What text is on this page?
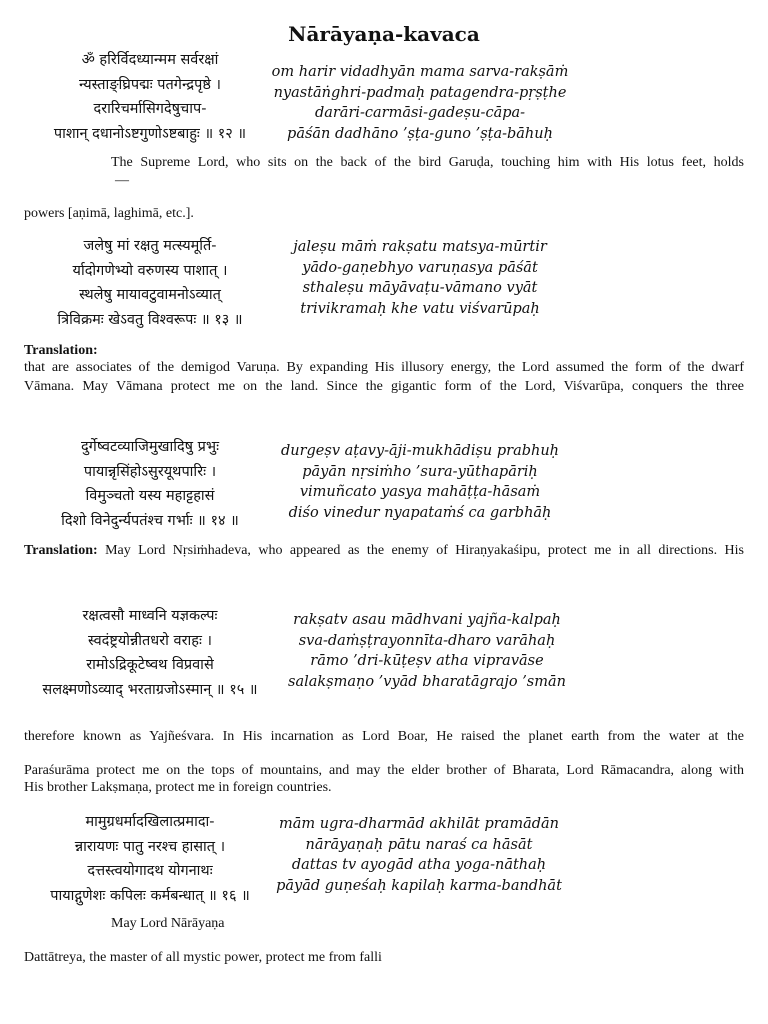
Nārāyaṇa-kavaca
ॐ हरिर्विदध्यान्मम सर्वरक्षां
न्यस्ताङ्घ्रिपद्मः पतगेन्द्रपृष्ठे ।
दरारिचर्मासिगदेषुचाप-
पाशान् दधानोऽष्टगुणोऽष्टबाहुः ॥ १२ ॥
om harir vidadhyān mama sarva-rakṣāṁ
nyastāṅghri-padmaḥ patagendra-pṛṣṭhe
darāri-carmāsi-gadeṣu-cāpa-
pāśān dadhāno ’ṣṭa-guno ’ṣṭa-bāhuḥ
The Supreme Lord, who sits on the back of the bird Garuḍa, touching him with His lotus feet, holds
—
powers [aṇimā, laghimā, etc.].
जलेषु मां रक्षतु मत्स्यमूर्ति-
र्यादोगणेभ्यो वरुणस्य पाशात् ।
स्थलेषु मायावटुवामनोऽव्यात्
त्रिविक्रमः खेऽवतु विश्वरूपः ॥ १३ ॥
jaleṣu māṁ rakṣatu matsya-mūrtir
yādo-gaṇebhyo varuṇasya pāśāt
sthaleṣu māyāvaṭu-vāmano vyāt
trivikramaḥ khe vatu viśvarūpaḥ
Translation:
that are associates of the demigod Varuṇa. By expanding His illusory energy, the Lord assumed the form of the dwarf
Vāmana. May Vāmana protect me on the land. Since the gigantic form of the Lord, Viśvarūpa, conquers the three
दुर्गेष्वटव्याजिमुखादिषु प्रभुः
पायान्नृसिंहोऽसुरयूथपारिः ।
विमुञ्चतो यस्य महाट्टहासं
दिशो विनेदुर्न्यपतंश्च गर्भाः ॥ १४ ॥
durgeṣv aṭavy-āji-mukhādiṣu prabhuḥ
pāyān nṛsiṁho ’sura-yūthapāriḥ
vimuñcato yasya mahāṭṭa-hāsaṁ
diśo vinedur nyapataṁś ca garbhāḥ
Translation: May Lord Nṛsiṁhadeva, who appeared as the enemy of Hiraṇyakaśipu, protect me in all directions. His
रक्षत्वसौ माध्वनि यज्ञकल्पः
स्वदंष्ट्रयोन्नीतधरो वराहः ।
रामोऽद्रिकूटेष्वथ विप्रवासे
सलक्ष्मणोऽव्याद् भरताग्रजोऽस्मान् ॥ १५ ॥
rakṣatv asau mādhvani yajña-kalpaḥ
sva-daṁṣṭrayonnīta-dharo varāhaḥ
rāmo ’dri-kūṭeṣv atha vipravāse
salakṣmaṇo ’vyād bharatāgrajo ’smān
therefore known as Yajñeśvara. In His incarnation as Lord Boar, He raised the planet earth from the water at the
Paraśurāma protect me on the tops of mountains, and may the elder brother of Bharata, Lord Rāmacandra, along with
His brother Lakṣmaṇa, protect me in foreign countries.
मामुग्रधर्मादखिलात्प्रमादा-
न्नारायणः पातु नरश्च हासात् ।
दत्तस्त्वयोगादथ योगनाथः
पायाद्गुणेशः कपिलः कर्मबन्धात् ॥ १६ ॥
mām ugra-dharmād akhilāt pramādān
nārāyaṇaḥ pātu naraś ca hāsāt
dattas tv ayogād atha yoga-nāthaḥ
pāyād guṇeśaḥ kapilaḥ karma-bandhāt
May Lord Nārāyaṇa
Dattātreya, the master of all mystic power, protect me from falli
